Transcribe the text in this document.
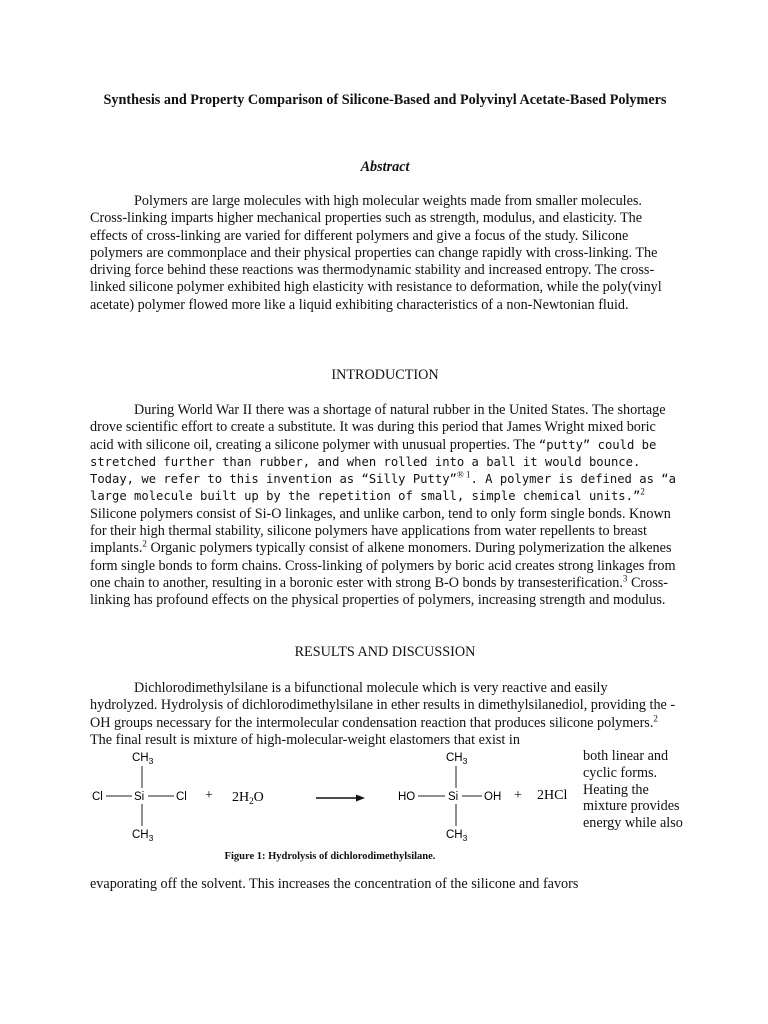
Synthesis and Property Comparison of Silicone-Based and Polyvinyl Acetate-Based Polymers
Abstract

Polymers are large molecules with high molecular weights made from smaller molecules. Cross-linking imparts higher mechanical properties such as strength, modulus, and elasticity. The effects of cross-linking are varied for different polymers and give a focus of the study. Silicone polymers are commonplace and their physical properties can change rapidly with cross-linking. The driving force behind these reactions was thermodynamic stability and increased entropy. The cross-linked silicone polymer exhibited high elasticity with resistance to deformation, while the poly(vinyl acetate) polymer flowed more like a liquid exhibiting characteristics of a non-Newtonian fluid.

INTRODUCTION

During World War II there was a shortage of natural rubber in the United States. The shortage drove scientific effort to create a substitute. It was during this period that James Wright mixed boric acid with silicone oil, creating a silicone polymer with unusual properties. The “putty” could be stretched further than rubber, and when rolled into a ball it would bounce. Today, we refer to this invention as “Silly Putty”$^{® 1}$. A polymer is defined as “a large molecule built up by the repetition of small, simple chemical units.”$^2$ Silicone polymers consist of Si-O linkages, and unlike carbon, tend to only form single bonds. Known for their high thermal stability, silicone polymers have applications from water repellents to breast implants.$^2$ Organic polymers typically consist of alkene monomers. During polymerization the alkenes form single bonds to form chains. Cross-linking of polymers by boric acid creates strong linkages from one chain to another, resulting in a boronic ester with strong B-O bonds by transesterification.$^3$ Cross-linking has profound effects on the physical properties of polymers, increasing strength and modulus.

RESULTS AND DISCUSSION

Dichlorodimethylsilane is a bifunctional molecule which is very reactive and easily hydrolyzed. Hydrolysis of dichlorodimethylsilane in ether results in dimethylsilanediol, providing the -OH groups necessary for the intermolecular condensation reaction that produces silicone polymers.$^2$ The final result is mixture of high-molecular-weight elastomers that exist in

$CH_3$
Cl	Si	Cl
$CH_3$
+ $2H_2O$
$CH_3$
HO	Si OH
$CH_3$
+ 2HCl

both linear and cyclic forms. Heating the mixture provides energy while also

Figure 1: Hydrolysis of dichlorodimethylsilane.

evaporating off the solvent. This increases the concentration of the silicone and favors
